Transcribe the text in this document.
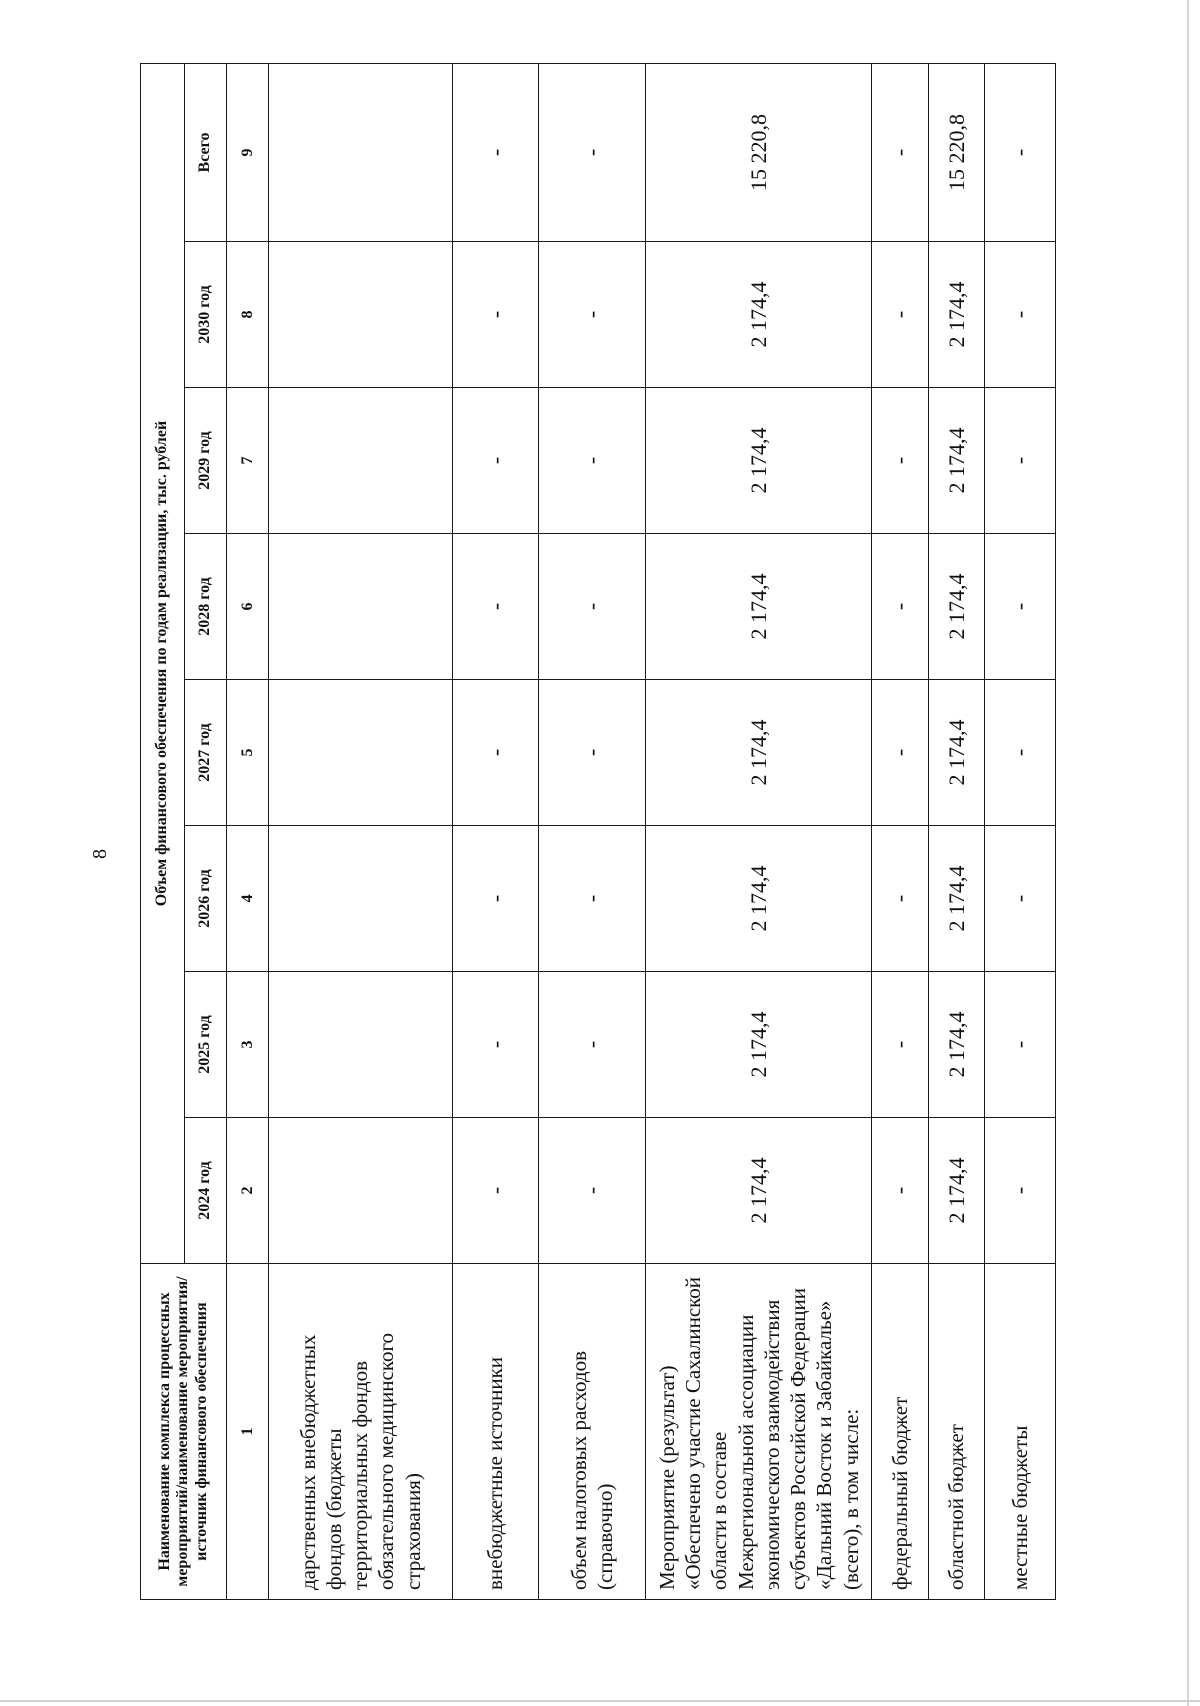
8
Наименование комплекса процессных мероприятий/наименование мероприятия/источник финансового обеспечения	Объем финансового обеспечения по годам реализации, тыс. рублей							
	2024 год	2025 год	2026 год	2027 год	2028 год	2029 год	2030 год	Всего
1	2	3	4	5	6	7	8	9
дарственных внебюджетных фондов (бюджеты территориальных фондов обязательного медицинского страхования)								
внебюджетные источники	-	-	-	-	-	-	-	-
объем налоговых расходов (справочно)	-	-	-	-	-	-	-	-
Мероприятие (результат) «Обеспечено участие Сахалинской области в составе Межрегиональной ассоциации экономического взаимодействия субъектов Российской Федерации «Дальний Восток и Забайкалье» (всего), в том числе:	2 174,4	2 174,4	2 174,4	2 174,4	2 174,4	2 174,4	2 174,4	15 220,8
федеральный бюджет	-	-	-	-	-	-	-	-
областной бюджет	2 174,4	2 174,4	2 174,4	2 174,4	2 174,4	2 174,4	2 174,4	15 220,8
местные бюджеты	-	-	-	-	-	-	-	-
